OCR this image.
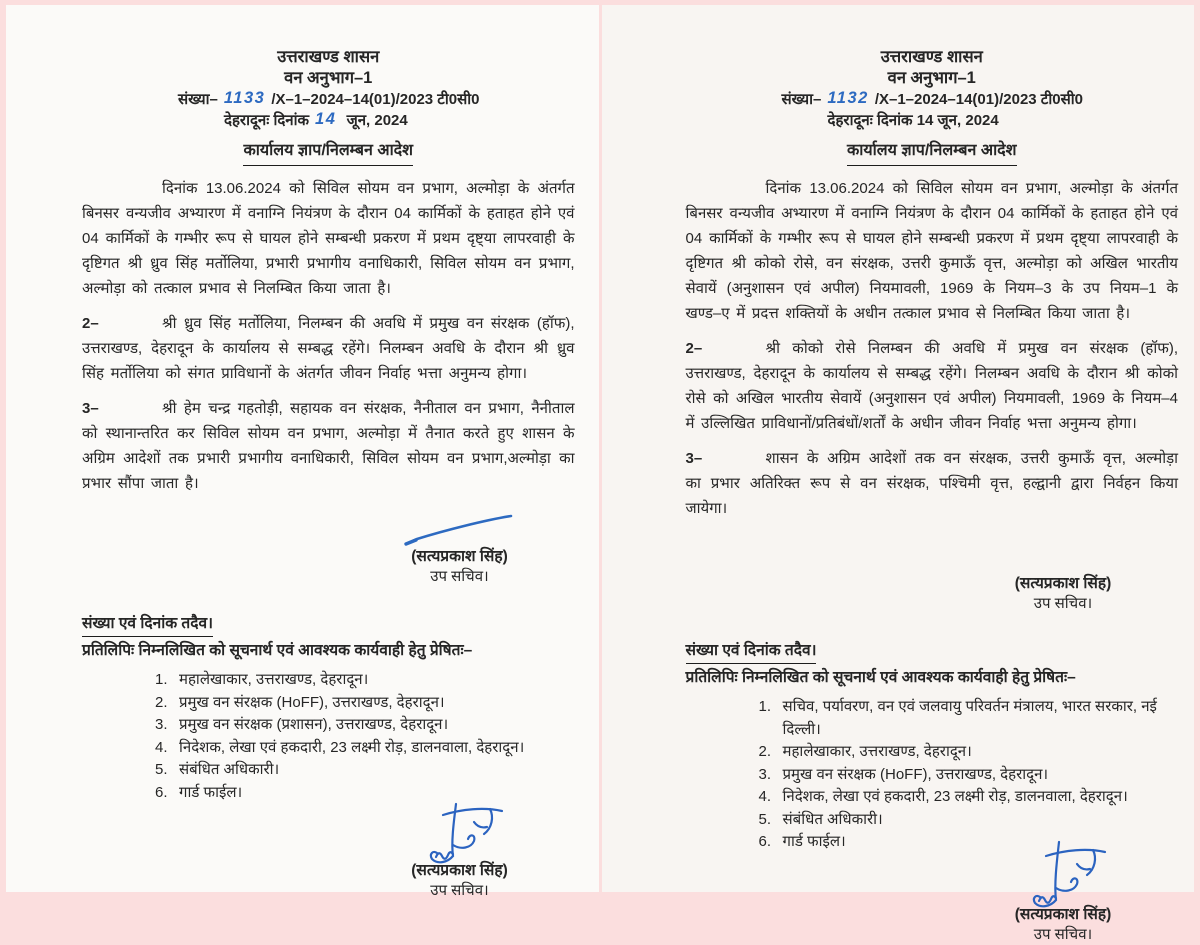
उत्तराखण्ड शासन
वन अनुभाग–1
संख्या– 1133 /X–1–2024–14(01)/2023 टी0सी0
देहरादूनः दिनांक 14 जून, 2024
कार्यालय ज्ञाप/निलम्बन आदेश

दिनांक 13.06.2024 को सिविल सोयम वन प्रभाग, अल्मोड़ा के अंतर्गत बिनसर वन्यजीव अभ्यारण में वनाग्नि नियंत्रण के दौरान 04 कार्मिकों के हताहत होने एवं 04 कार्मिकों के गम्भीर रूप से घायल होने सम्बन्धी प्रकरण में प्रथम दृष्ट्या लापरवाही के दृष्टिगत श्री ध्रुव सिंह मर्तोलिया, प्रभारी प्रभागीय वनाधिकारी, सिविल सोयम वन प्रभाग, अल्मोड़ा को तत्काल प्रभाव से निलम्बित किया जाता है।

2–	श्री ध्रुव सिंह मर्तोलिया, निलम्बन की अवधि में प्रमुख वन संरक्षक (हॉफ), उत्तराखण्ड, देहरादून के कार्यालय से सम्बद्ध रहेंगे। निलम्बन अवधि के दौरान श्री ध्रुव सिंह मर्तोलिया को संगत प्राविधानों के अंतर्गत जीवन निर्वाह भत्ता अनुमन्य होगा।

3–	श्री हेम चन्द्र गहतोड़ी, सहायक वन संरक्षक, नैनीताल वन प्रभाग, नैनीताल को स्थानान्तरित कर सिविल सोयम वन प्रभाग, अल्मोड़ा में तैनात करते हुए शासन के अग्रिम आदेशों तक प्रभारी प्रभागीय वनाधिकारी, सिविल सोयम वन प्रभाग,अल्मोड़ा का प्रभार सौंपा जाता है।

(सत्यप्रकाश सिंह)
उप सचिव।
संख्या एवं दिनांक तदैव।
प्रतिलिपिः निम्नलिखित को सूचनार्थ एवं आवश्यक कार्यवाही हेतु प्रेषितः–
1. महालेखाकार, उत्तराखण्ड, देहरादून।
2. प्रमुख वन संरक्षक (HoFF), उत्तराखण्ड, देहरादून।
3. प्रमुख वन संरक्षक (प्रशासन), उत्तराखण्ड, देहरादून।
4. निदेशक, लेखा एवं हकदारी, 23 लक्ष्मी रोड़, डालनवाला, देहरादून।
5. संबंधित अधिकारी।
6. गार्ड फाईल।
(सत्यप्रकाश सिंह)
उप सचिव।
उत्तराखण्ड शासन
वन अनुभाग–1
संख्या– 1132 /X–1–2024–14(01)/2023 टी0सी0
देहरादूनः दिनांक 14 जून, 2024
कार्यालय ज्ञाप/निलम्बन आदेश

दिनांक 13.06.2024 को सिविल सोयम वन प्रभाग, अल्मोड़ा के अंतर्गत बिनसर वन्यजीव अभ्यारण में वनाग्नि नियंत्रण के दौरान 04 कार्मिकों के हताहत होने एवं 04 कार्मिकों के गम्भीर रूप से घायल होने सम्बन्धी प्रकरण में प्रथम दृष्ट्या लापरवाही के दृष्टिगत श्री कोको रोसे, वन संरक्षक, उत्तरी कुमाऊँ वृत्त, अल्मोड़ा को अखिल भारतीय सेवायें (अनुशासन एवं अपील) नियमावली, 1969 के नियम–3 के उप नियम–1 के खण्ड–ए में प्रदत्त शक्तियों के अधीन तत्काल प्रभाव से निलम्बित किया जाता है।

2–	श्री कोको रोसे निलम्बन की अवधि में प्रमुख वन संरक्षक (हॉफ), उत्तराखण्ड, देहरादून के कार्यालय से सम्बद्ध रहेंगे। निलम्बन अवधि के दौरान श्री कोको रोसे को अखिल भारतीय सेवायें (अनुशासन एवं अपील) नियमावली, 1969 के नियम–4 में उल्लिखित प्राविधानों/प्रतिबंधों/शर्तों के अधीन जीवन निर्वाह भत्ता अनुमन्य होगा।

3–	शासन के अग्रिम आदेशों तक वन संरक्षक, उत्तरी कुमाऊँ वृत्त, अल्मोड़ा का प्रभार अतिरिक्त रूप से वन संरक्षक, पश्चिमी वृत्त, हल्द्वानी द्वारा निर्वहन किया जायेगा।

(सत्यप्रकाश सिंह)
उप सचिव।
संख्या एवं दिनांक तदैव।
प्रतिलिपिः निम्नलिखित को सूचनार्थ एवं आवश्यक कार्यवाही हेतु प्रेषितः–
1. सचिव, पर्यावरण, वन एवं जलवायु परिवर्तन मंत्रालय, भारत सरकार, नई दिल्ली।
2. महालेखाकार, उत्तराखण्ड, देहरादून।
3. प्रमुख वन संरक्षक (HoFF), उत्तराखण्ड, देहरादून।
4. निदेशक, लेखा एवं हकदारी, 23 लक्ष्मी रोड़, डालनवाला, देहरादून।
5. संबंधित अधिकारी।
6. गार्ड फाईल।
(सत्यप्रकाश सिंह)
उप सचिव।
